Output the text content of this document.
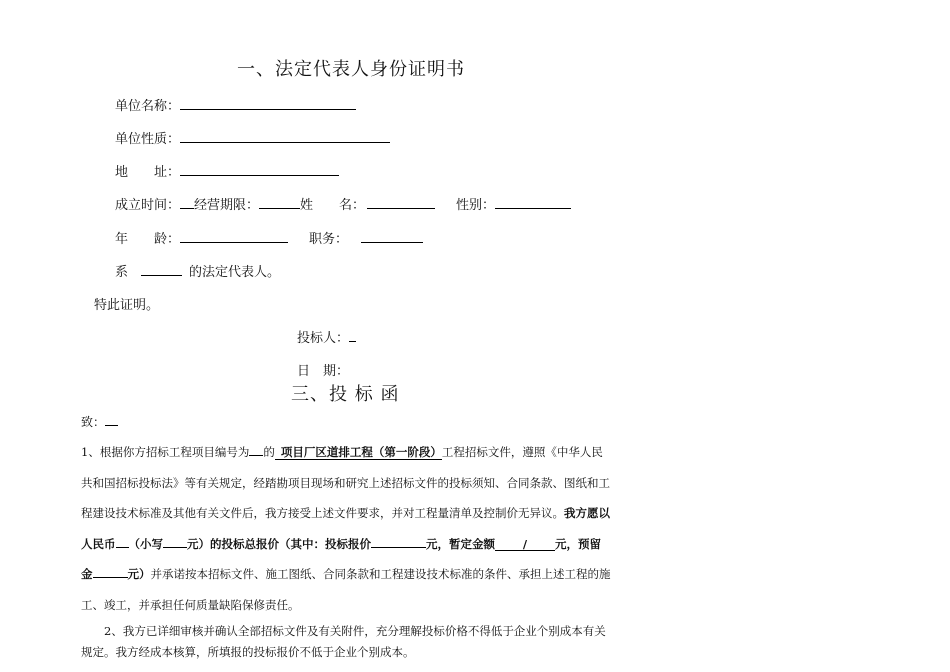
一、法定代表人身份证明书
单位名称：
单位性质：
地　　址：
成立时间： 经营期限：	姓　　名：	性别：
年　　龄：	职务：
系	的法定代表人。
特此证明。
投标人：
日　期：
三、投 标 函
致：
1、根据你方招标工程项目编号为 的 项目厂区道排工程（第一阶段）工程招标文件，遵照《中华人民共和国招标投标法》等有关规定，经踏勘项目现场和研究上述招标文件的投标须知、合同条款、图纸和工程建设技术标准及其他有关文件后，我方接受上述文件要求，并对工程量清单及控制价无异议。我方愿以人民币 （小写 元）的投标总报价（其中：投标报价	元，暂定金额 / 元，预留金	元）并承诺按本招标文件、施工图纸、合同条款和工程建设技术标准的条件、承担上述工程的施工、竣工，并承担任何质量缺陷保修责任。
2、我方已详细审核并确认全部招标文件及有关附件，充分理解投标价格不得低于企业个别成本有关规定。我方经成本核算，所填报的投标报价不低于企业个别成本。
